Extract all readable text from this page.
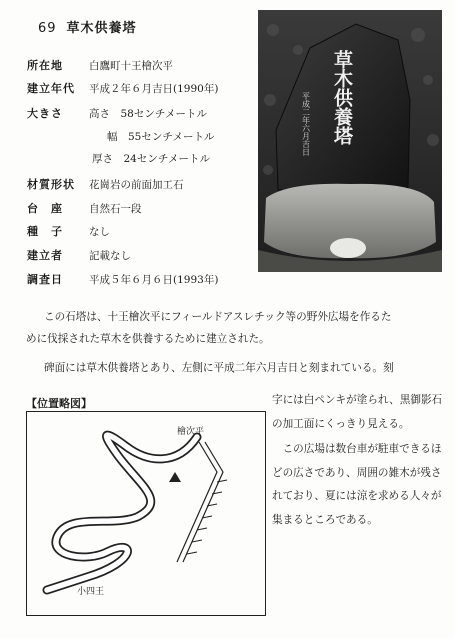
69 草木供養塔
所在地	白鷹町十王檜次平
建立年代	平成２年６月吉日(1990年)
大きさ	高さ　58センチメートル
幅　55センチメートル
厚さ　24センチメートル
材質形状	花崗岩の前面加工石
台　座	自然石一段
種　子	なし
建立者	記載なし
調査日	平成５年６月６日(1993年)
草木供養塔
平成二年六月吉日
この石塔は、十王檜次平にフィールドアスレチック等の野外広場を作るた
めに伐採された草木を供養するために建立された。
碑面には草木供養塔とあり、左側に平成二年六月吉日と刻まれている。刻
【位置略図】
檜次平
小四王

字には白ペンキが塗られ、黒御影石の加工面にくっきり見える。

この広場は数台車が駐車できるほどの広さであり、周囲の雑木が残されており、夏には涼を求める人々が集まるところである。
